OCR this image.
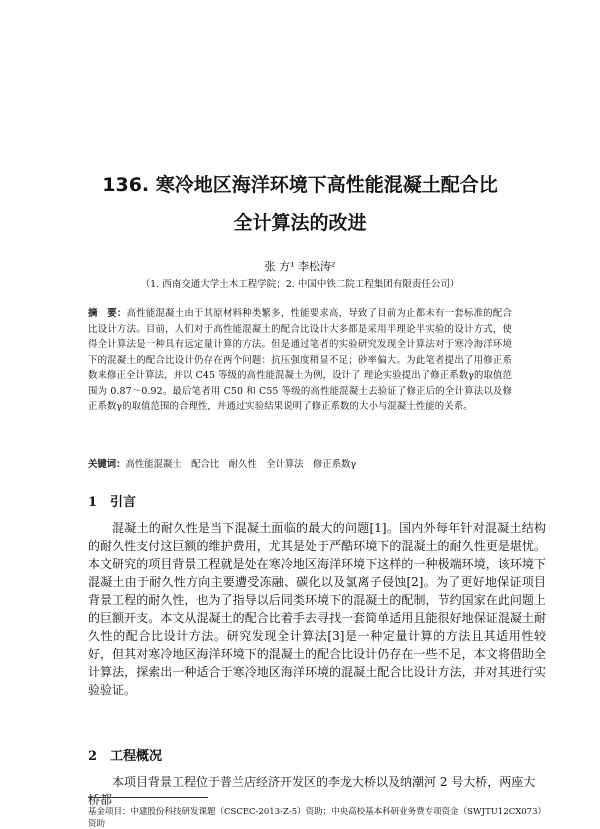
136. 寒冷地区海洋环境下高性能混凝土配合比
全计算法的改进
张 方¹ 李松涛²
（1. 西南交通大学土木工程学院；2. 中国中铁二院工程集团有限责任公司）
摘　要：高性能混凝土由于其原材料种类繁多，性能要求高，导致了目前为止都未有一套标准的配合比设计方法。目前，人们对于高性能混凝土的配合比设计大多都是采用半理论半实验的设计方式，使得全计算法是一种具有远定量计算的方法。但是通过笔者的实验研究发现全计算法对于寒冷海洋环境下的混凝土的配合比设计仍存在两个问题：抗压强度稍显不足；砂率偏大。为此笔者提出了用修正系数来修正全计算法，并以 C45 等级的高性能混凝土为例，设计了 理论实验提出了修正系数γ的取值范围为 0.87～0.92。最后笔者用 C50 和 C55 等级的高性能混凝土去验证了修正后的全计算法以及修正系数γ的取值范围的合理性，并通过实验结果说明了修正系数的大小与混凝土性能的关系。
关键词：高性能混凝土　配合比　耐久性　全计算法　修正系数γ
1　引言

混凝土的耐久性是当下混凝土面临的最大的问题[1]。国内外每年针对混凝土结构的耐久性支付这巨额的维护费用，尤其是处于严酷环境下的混凝土的耐久性更是堪忧。本文研究的项目背景工程就是处在寒冷地区海洋环境下这样的一种极端环境，该环境下混凝土由于耐久性方向主要遭受冻融、碳化以及氯离子侵蚀[2]。为了更好地保证项目背景工程的耐久性，也为了指导以后同类环境下的混凝土的配制，节约国家在此问题上的巨额开支。本文从混凝土的配合比着手去寻找一套简单适用且能很好地保证混凝土耐久性的配合比设计方法。研究发现全计算法[3]是一种定量计算的方法且其适用性较好，但其对寒冷地区海洋环境下的混凝土的配合比设计仍存在一些不足，本文将借助全计算法，探索出一种适合于寒冷地区海洋环境的混凝土配合比设计方法，并对其进行实验验证。

2　工程概况

本项目背景工程位于普兰店经济开发区的李龙大桥以及纳潮河 2 号大桥，两座大桥都

基金项目：中建股份科技研发课题（CSCEC-2013-Z-5）资助；中央高校基本科研业务费专项资金（SWJTU12CX073）资助
